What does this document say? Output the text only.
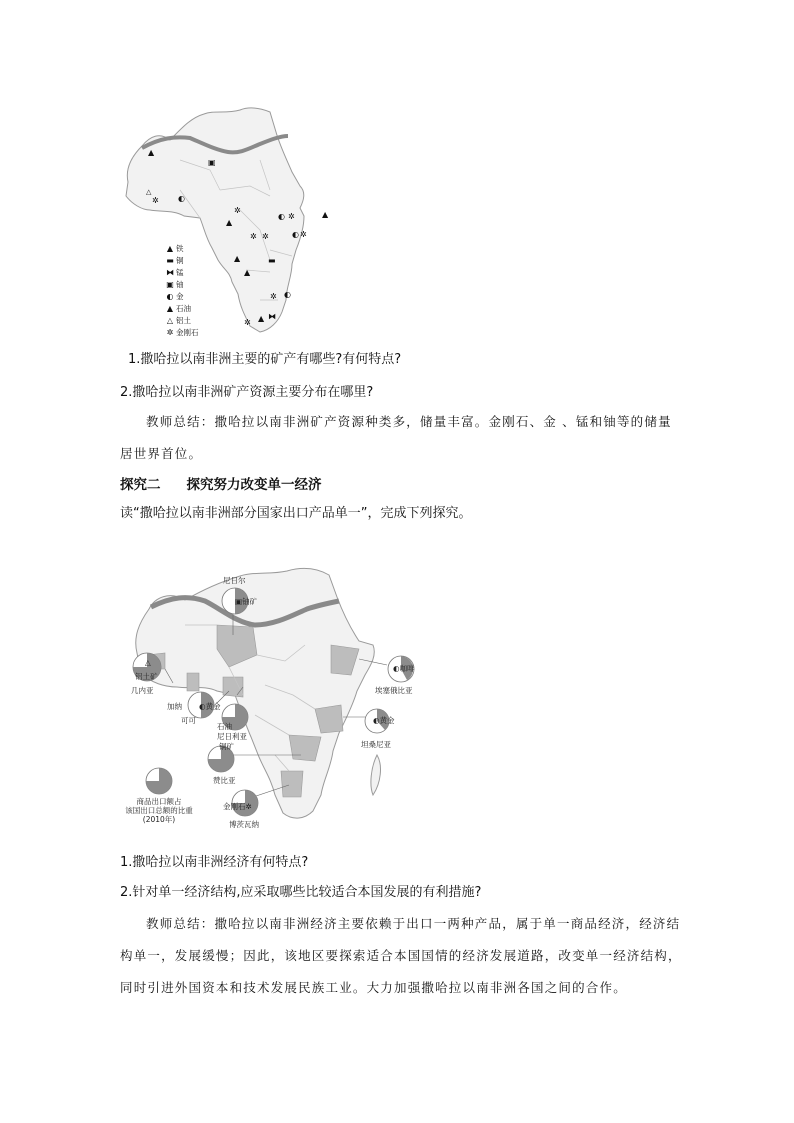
▲
▣
△
✲ ◐
▲
✲
◐ ✲	▲
✲ ✲	◐ ✲
▲	▬
▲
✲ ◐
▲ ⧓
✲
▲ 铁
▬ 铜
⧓ 锰
▣ 铀
◐ 金
▲ 石油
△ 铝土
✲ 金刚石
1.撒哈拉以南非洲主要的矿产有哪些?有何特点?
2.撒哈拉以南非洲矿产资源主要分布在哪里?
教师总结：撒哈拉以南非洲矿产资源种类多，储量丰富。金刚石、金 、锰和铀等的储量
居世界首位。
探究二 探究努力改变单一经济
读“撒哈拉以南非洲部分国家出口产品单一”，完成下列探究。
尼日尔
▣铀矿
△
铝土矿
几内亚
加纳 ◐黄金
可可
石油
尼日利亚
铜矿
赞比亚
金刚石✲
博茨瓦纳
◐咖啡
埃塞俄比亚
◐黄金
坦桑尼亚
商品出口额占
该国出口总额的比重
(2010年)
1.撒哈拉以南非洲经济有何特点?
2.针对单一经济结构,应采取哪些比较适合本国发展的有利措施?
教师总结：撒哈拉以南非洲经济主要依赖于出口一两种产品，属于单一商品经济，经济结
构单一，发展缓慢；因此，该地区要探索适合本国国情的经济发展道路，改变单一经济结构，
同时引进外国资本和技术发展民族工业。大力加强撒哈拉以南非洲各国之间的合作。
